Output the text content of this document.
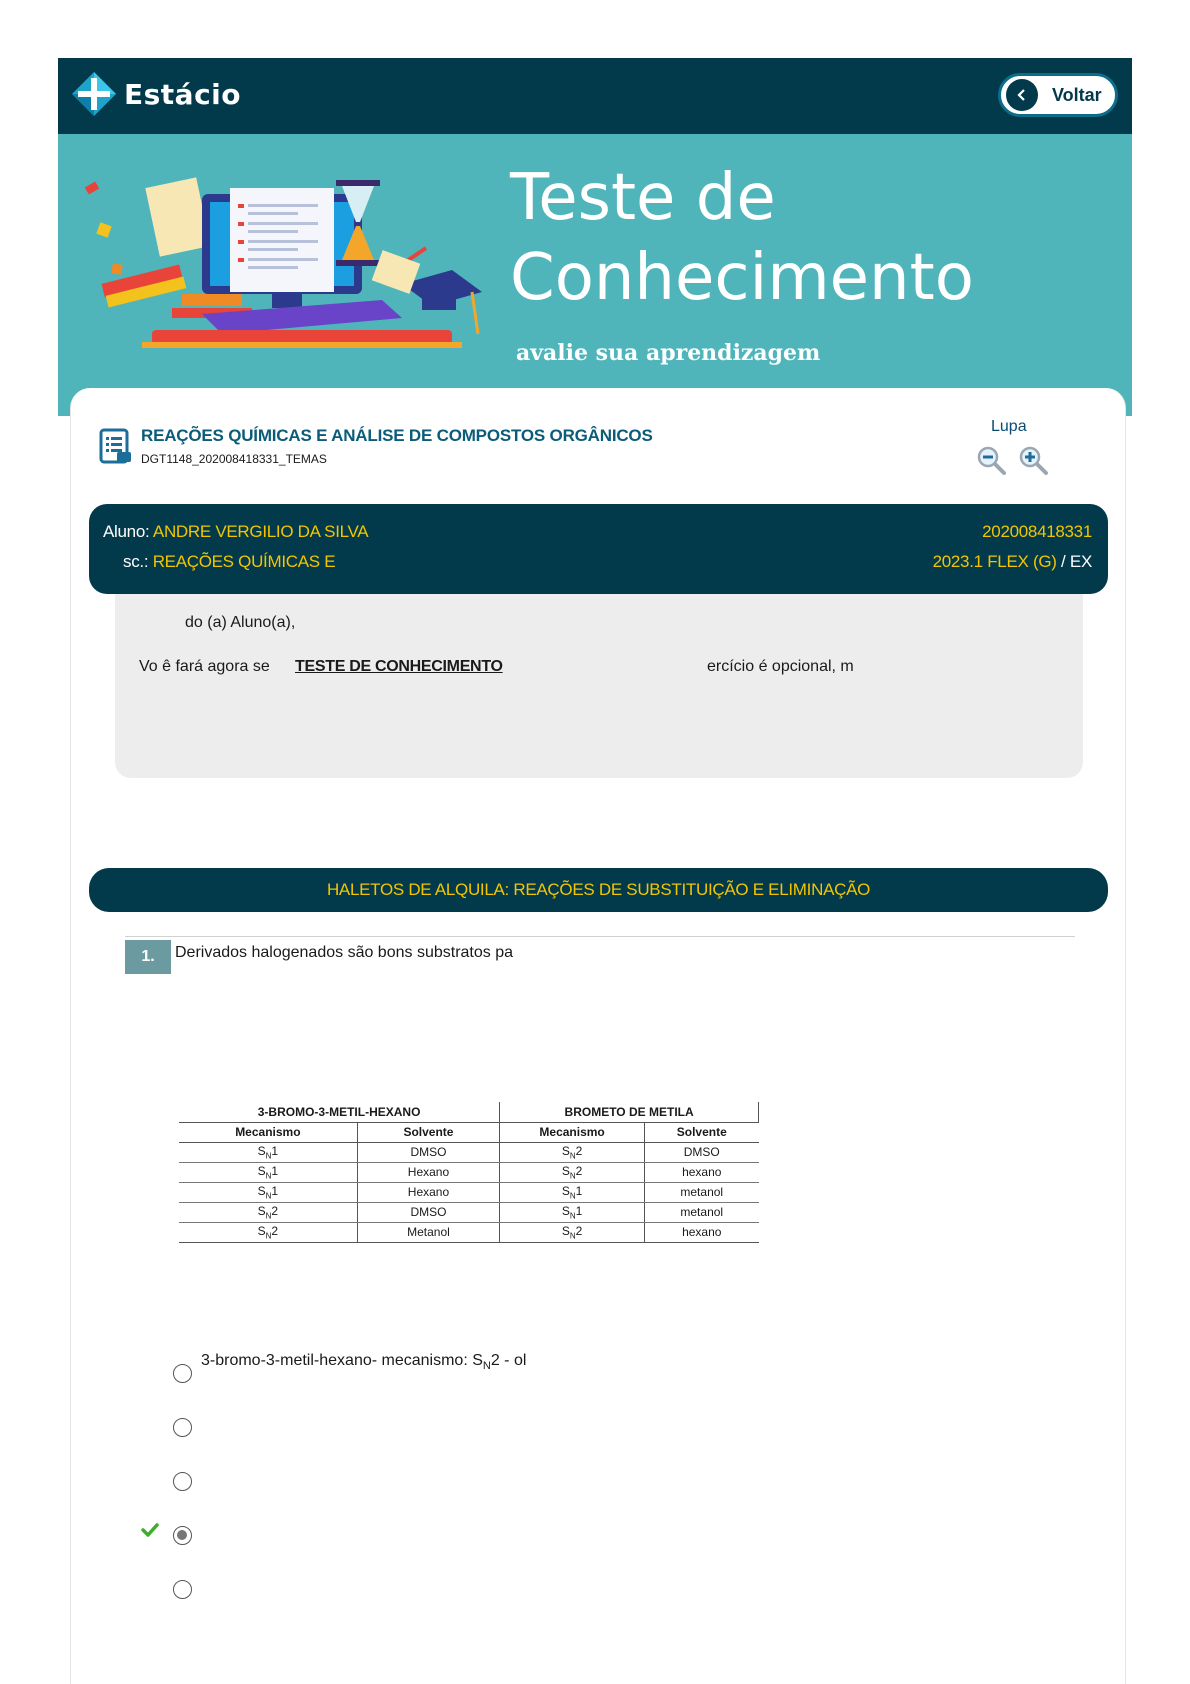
Estácio	Voltar
Teste de
Conhecimento
avalie sua aprendizagem
REAÇÕES QUÍMICAS E ANÁLISE DE COMPOSTOS ORGÂNICOS
DGT1148_202008418331_TEMAS
Lupa
Aluno: ANDRE VERGILIO DA SILVA
sc.: REAÇÕES QUÍMICAS E
202008418331
2023.1 FLEX (G) / EX
do (a) Aluno(a),
Vo ê fará agora se TESTE DE CONHECIMENTO	ercício é opcional, m
HALETOS DE ALQUILA: REAÇÕES DE SUBSTITUIÇÃO E ELIMINAÇÃO
1.	Derivados halogenados são bons substratos pa
3-BROMO-3-METIL-HEXANO		BROMETO DE METILA	
Mecanismo	Solvente	Mecanismo	Solvente
$S_N1$	DMSO	$S_N2$	DMSO
$S_N1$	Hexano	$S_N2$	hexano
$S_N1$	Hexano	$S_N1$	metanol
$S_N2$	DMSO	$S_N1$	metanol
$S_N2$	Metanol	$S_N2$	hexano
3-bromo-3-metil-hexano- mecanismo: $S_N2$ - ol
